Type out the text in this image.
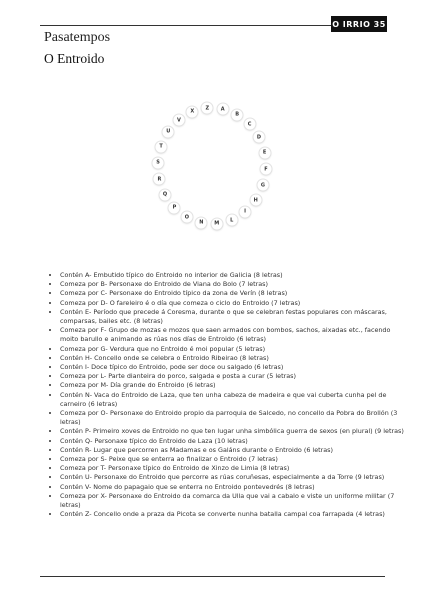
O IRRIO 35
Pasatempos
O Entroido
Z	A
B
C
D
E
F
G
H
I
L
M
N
O
P
Q
R
S
T
U
V
X
• Contén A- Embutido típico do Entroido no interior de Galicia (8 letras)
• Comeza por B- Personaxe do Entroido de Viana do Bolo (7 letras)
• Comeza por C- Personaxe do Entroido típico da zona de Verín (8 letras)
• Comeza por D- O fareleiro é o día que comeza o ciclo do Entroido (7 letras)
• Contén E- Período que precede á Coresma, durante o que se celebran festas populares con máscaras, comparsas, bailes etc. (8 letras)
• Comeza por F- Grupo de mozas e mozos que saen armados con bombos, sachos, aixadas etc., facendo moito barullo e animando as rúas nos días de Entroido (6 letras)
• Comeza por G- Verdura que no Entroido é moi popular (5 letras)
• Contén H- Concello onde se celebra o Entroido Ribeirao (8 letras)
• Contén I- Doce típico do Entroido, pode ser doce ou salgado (6 letras)
• Comeza por L- Parte dianteira do porco, salgada e posta a curar (5 letras)
• Comeza por M- Día grande do Entroido (6 letras)
• Contén N- Vaca do Entroido de Laza, que ten unha cabeza de madeira e que vai cuberta cunha pel de carneiro (6 letras)
• Comeza por O- Personaxe do Entroido propio da parroquia de Salcedo, no concello da Pobra do Brollón (3 letras)
• Contén P- Primeiro xoves de Entroido no que ten lugar unha simbólica guerra de sexos (en plural) (9 letras)
• Contén Q- Personaxe típico do Entroido de Laza (10 letras)
• Contén R- Lugar que percorren as Madamas e os Galáns durante o Entroido (6 letras)
• Comeza por S- Peixe que se enterra ao finalizar o Entroido (7 letras)
• Comeza por T- Personaxe típico do Entroido de Xinzo de Limia (8 letras)
• Contén U- Personaxe do Entroido que percorre as rúas coruñesas, especialmente a da Torre (9 letras)
• Contén V- Nome do papagaio que se enterra no Entroido pontevedrés (8 letras)
• Comeza por X- Personaxe do Entroido da comarca da Ulla que vai a cabalo e viste un uniforme militar (7 letras)
• Contén Z- Concello onde a praza da Picota se converte nunha batalla campal coa farrapada (4 letras)
